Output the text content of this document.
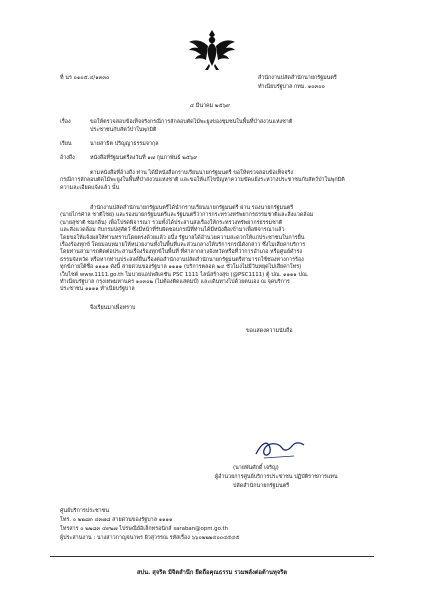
ที่ นร ๐๑๐๕.๔/๑๓๓๐	สำนักงานปลัดสำนักนายกรัฐมนตรี
ทำเนียบรัฐบาล กทม. ๑๐๓๐๐
๔ มีนาคม ๒๕๖๙
เรื่อง	ขอให้ตรวจสอบข้อเท็จจริงกรณีการลักลอบตัดไม้พะยูงของชุมชนในพื้นที่ป่าสงวนแห่งชาติ
ประชาชนกับสัตว์ป่าในพุกมิติ
เรียน	นายสาธิต ปริญญาธรรมจากุล
อ้างถึง	หนังสือที่รัฐมนตรีลงวันที่ ๑๗ กุมภาพันธ์ ๒๕๖๙
ตามหนังสือที่อ้างถึง ท่าน ได้มีหนังสือกราบเรียนนายกรัฐมนตรี ขอให้ตรวจสอบข้อเท็จจริง
กรณีการลักลอบตัดไม้พะยูงในพื้นที่ป่าสงวนแห่งชาติ และขอให้แก้ไขปัญหาความขัดแย้งระหว่างประชาชนกับสัตว์ป่าในพุกมิติ
ความละเอียดแจ้งแล้ว นั้น
สำนักงานปลัดสำนักนายกรัฐมนตรีได้นำกราบเรียนนายกรัฐมนตรี ผ่าน รองนายกรัฐมนตรี
(นายไกรศาล ชาติไชย) และรองนายกรัฐมนตรีและรัฐมนตรีว่าการกระทรวงทรัพยากรธรรมชาติและสิ่งแวดล้อม
(นายสุชาติ ชมกลิ่น) เพื่อโปรดพิจารณา รวมทั้งได้ประสานส่งเรื่องให้กระทรวงทรัพยากรธรรมชาติ
และสิ่งแวดล้อม กับกรมปศุสัตว์ ซึ่งมีหน้าที่รับผิดชอบกรณีที่ท่านได้มีหนังสือเข้ามาเพื่อพิจารณาแล้ว
โดยขอให้แจ้งผลให้ท่านทราบโดยตรงด้วยแล้ว อนึ่ง รัฐบาลได้อำนวยความสะดวกให้แก่ประชาชนในการยื่น
เรื่องร้องทุกข์ โดยมอบหมายให้หน่วยงานทั้งในพื้นที่และส่วนกลางให้บริการกรณีดังกล่าว ซึ่งไม่เสียค่าบริการ
โดยท่านสามารถติดต่อประสานเรื่องร้องทุกข์ในพื้นที่ ที่ศาลากลางจังหวัดหรือที่ว่าการอำเภอ หรือศูนย์ดำรง
ธรรมจังหวัด หรือหากท่านประสงค์ยื่นเรื่องต่อสำนักงานปลัดสำนักนายกรัฐมนตรีสามารถใช้ช่องทางการร้อง
ทุกข์ภายใต้ชื่อ ๑๑๑๑ ดังนี้ สายด่วนของรัฐบาล ๑๑๑๑ (บริการตลอด ๒๔ ชั่วโมงไม่มีวันหยุดไม่เสียค่าโทร)
เว็บไซต์ www.1111.go.th ไมบายแอปพลิเคชัน PSC 1111 ไลน์สร้างสุข (@PSC1111) ตู้ ปณ. ๑๑๑๑ ปณ.
ทำเนียบรัฐบาล กรุงเทพมหานคร ๑๐๓๐๒ (ไม่ต้องติดแสตมป์) และเดินทางไปด้วยตนเอง ณ จุดบริการ
ประชาชน ๑๑๑๑ ทำเนียบรัฐบาล
จึงเรียนมาเพื่อทราบ
ขอแสดงความนับถือ
(นายพันศักดิ์ เจริญ)
ผู้อำนวยการศูนย์บริการประชาชน ปฏิบัติราชการแทน
ปลัดสำนักนายกรัฐมนตรี
ศูนย์บริการประชาชน
โทร. ๐ ๒๒๘๓ ๔๓๗๘ สายด่วนของรัฐบาล ๑๑๑๑
โทรสาร ๐ ๒๒๘๓ ๔๙๒๗ ไปรษณีย์อิเล็กทรอนิกส์ saraban@opm.go.th
ผู้ประสานงาน : นางสาวกาญจนาพร ผิวสุวรรณ รหัสเรื่อง ๖๖๐๒๒๒๔๐๐๔๕๔๕
สปน. สุจริต มีจิตสำนึก ยึดถือคุณธรรม รวมพลังต่อต้านทุจริต
